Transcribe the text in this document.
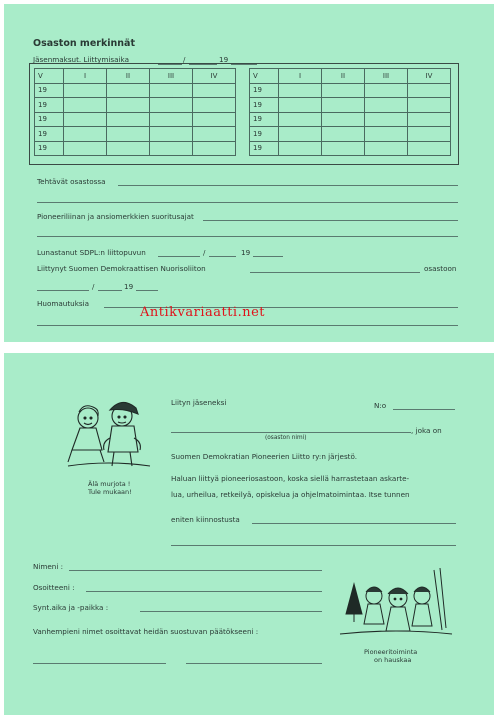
Osaston merkinnät
Jäsenmaksut. Liittymisaika	/	19
V	I	II	III	IV
19				
19				
19				
19				
19				
V	I	II	III	IV
19				
19				
19				
19				
19				
Tehtävät osastossa
Pioneeriliinan ja ansiomerkkien suoritusajat
Lunastanut SDPL:n liittopuvun	/	19
Liittynyt Suomen Demokraattisen Nuorisoliiton	osastoon
/	19
Huomautuksia
Antikvariaatti.net
Älä murjota !
Tule mukaan!
Liityn jäseneksi	N:o
, joka on
(osaston nimi)
Suomen Demokratian Pioneerien Liitto ry:n järjestö.
Haluan liittyä pioneeriosastoon, koska siellä harrastetaan askarte-
lua, urheilua, retkeilyä, opiskelua ja ohjelmatoimintaa. Itse tunnen
eniten kiinnostusta
Nimeni :
Osoitteeni :
Synt.aika ja -paikka :
Vanhempieni nimet osoittavat heidän suostuvan päätökseeni :
Pioneeritoiminta
on hauskaa
